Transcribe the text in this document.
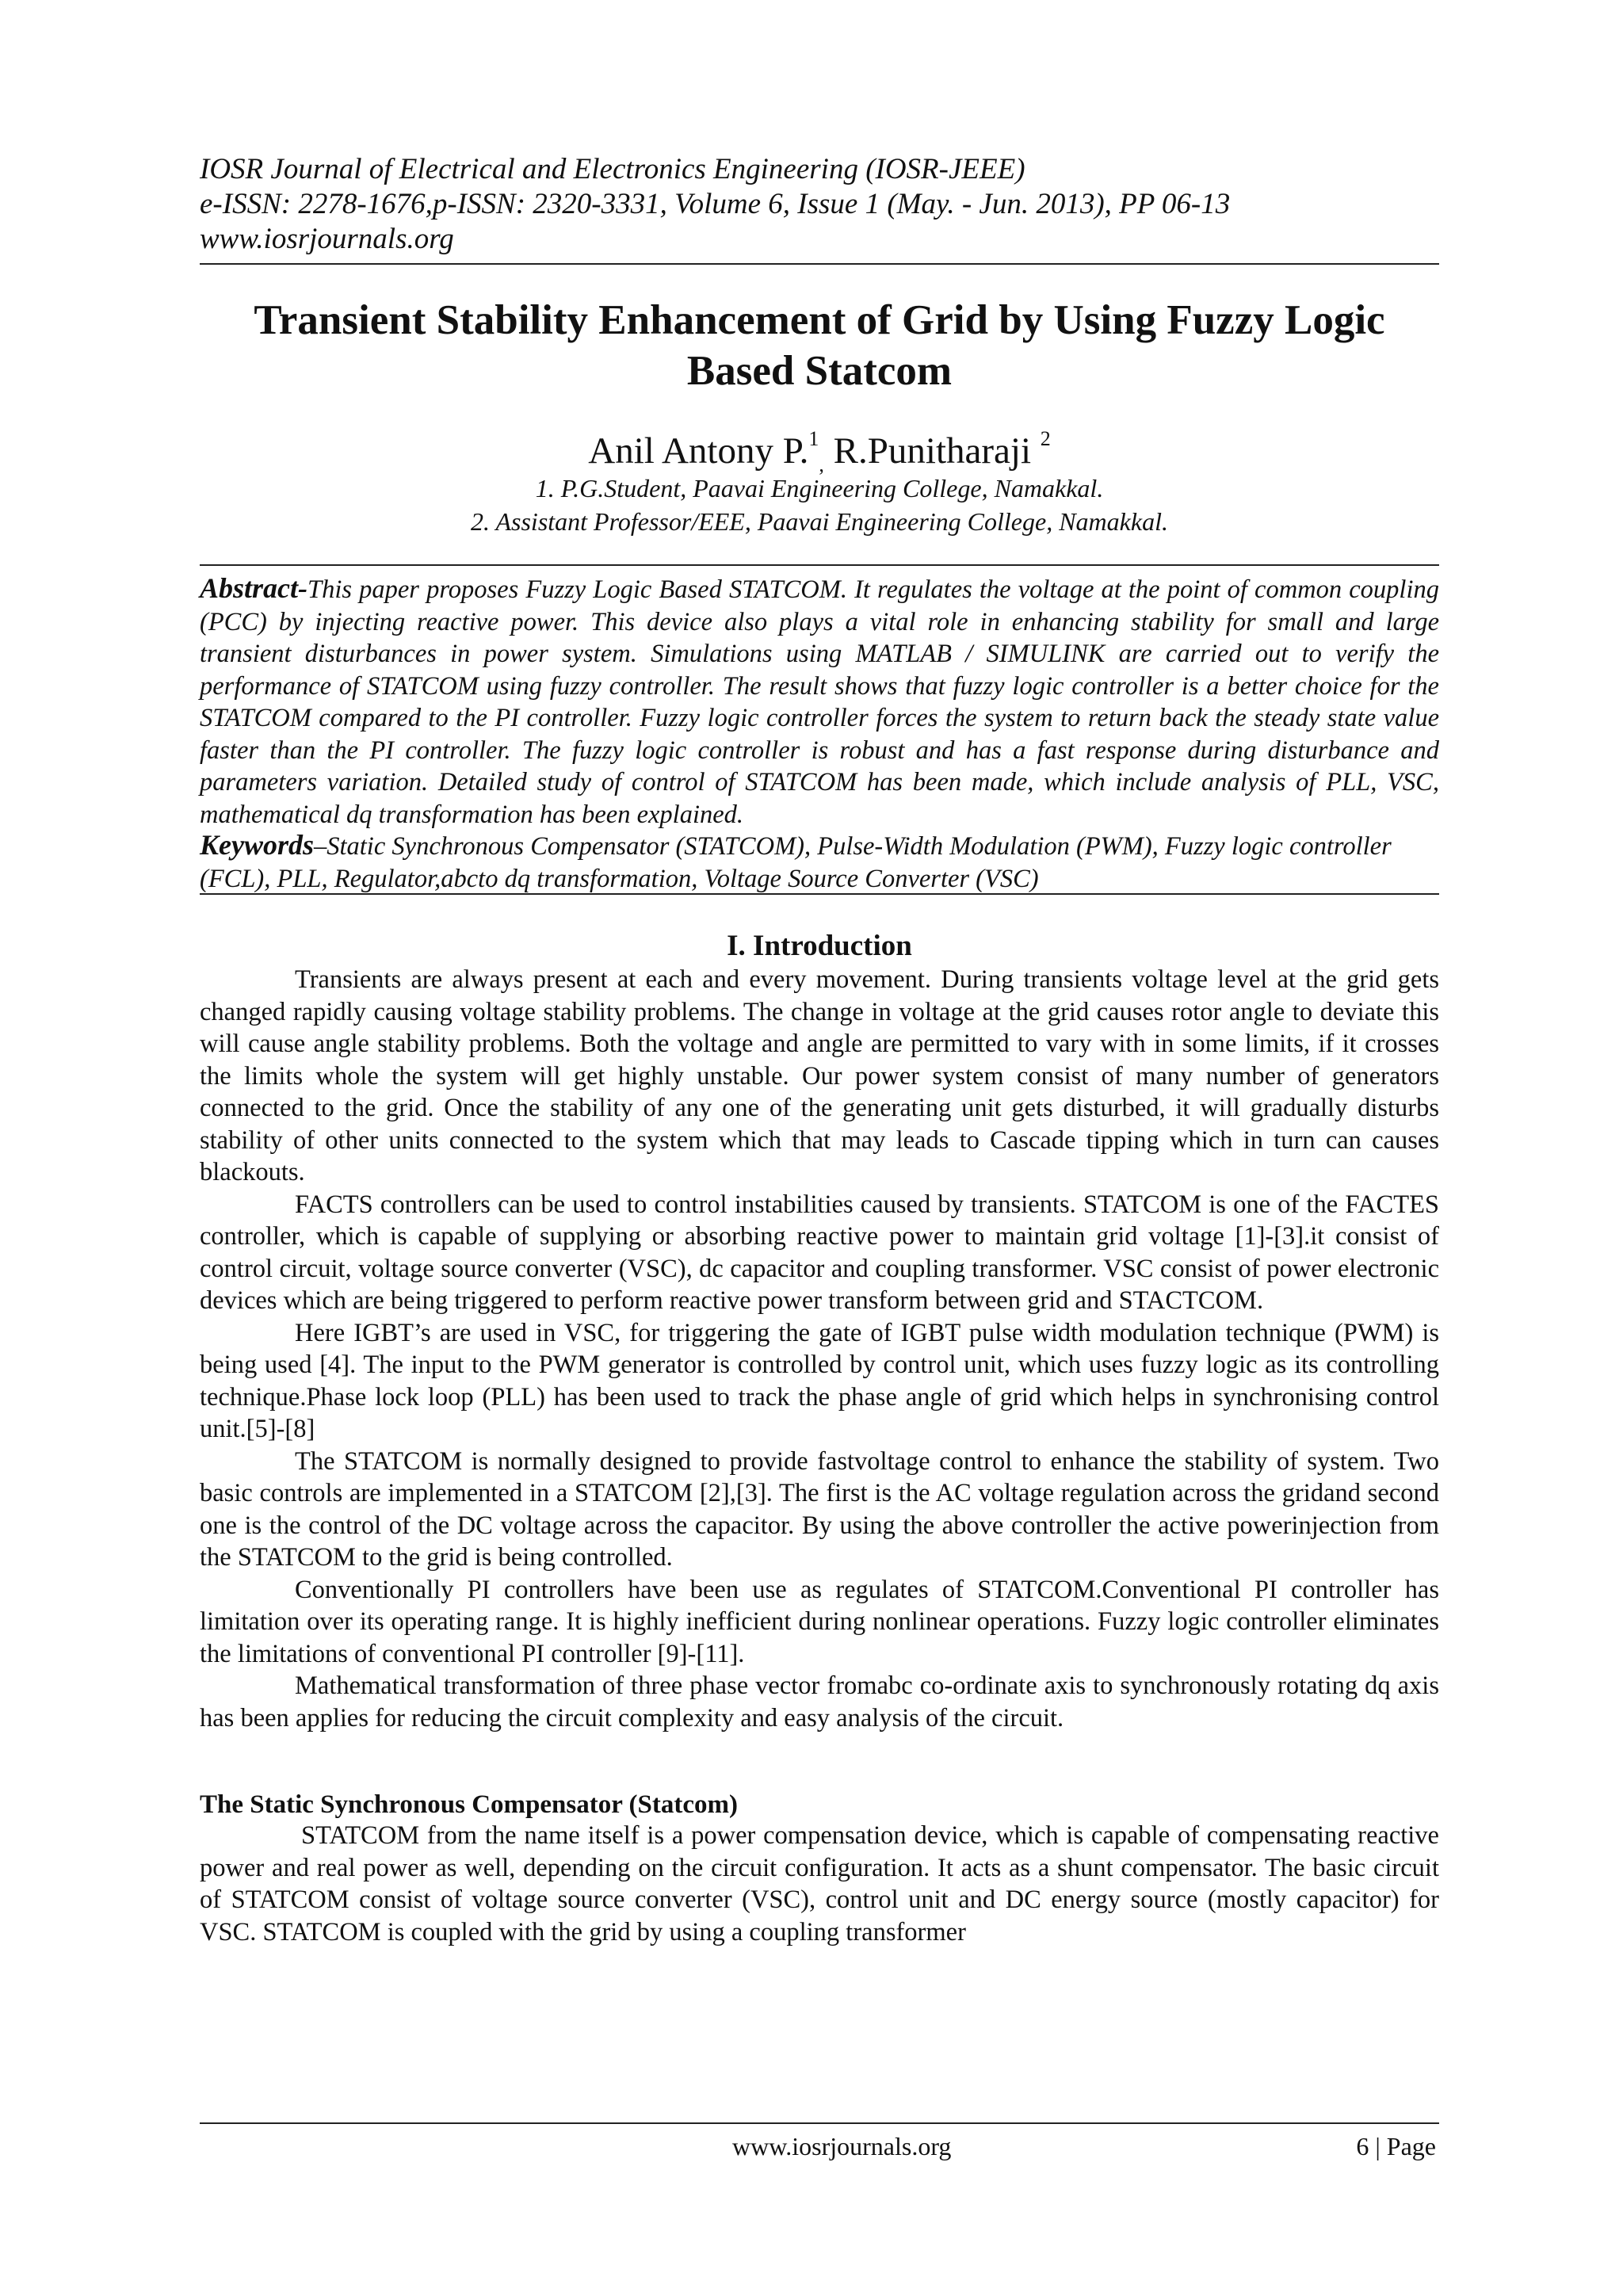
IOSR Journal of Electrical and Electronics Engineering (IOSR-JEEE)
e-ISSN: 2278-1676,p-ISSN: 2320-3331, Volume 6, Issue 1 (May. - Jun. 2013), PP 06-13
www.iosrjournals.org
Transient Stability Enhancement of Grid by Using Fuzzy Logic
Based Statcom
Anil Antony P.$^1_,$ R.Punitharaji $^2$
1. P.G.Student, Paavai Engineering College, Namakkal.
2. Assistant Professor/EEE, Paavai Engineering College, Namakkal.
Abstract-This paper proposes Fuzzy Logic Based STATCOM. It regulates the voltage at the point of common coupling (PCC) by injecting reactive power. This device also plays a vital role in enhancing stability for small and large transient disturbances in power system. Simulations using MATLAB / SIMULINK are carried out to verify the performance of STATCOM using fuzzy controller. The result shows that fuzzy logic controller is a better choice for the STATCOM compared to the PI controller. Fuzzy logic controller forces the system to return back the steady state value faster than the PI controller. The fuzzy logic controller is robust and has a fast response during disturbance and parameters variation. Detailed study of control of STATCOM has been made, which include analysis of PLL, VSC, mathematical dq transformation has been explained.
Keywords–Static Synchronous Compensator (STATCOM), Pulse-Width Modulation (PWM), Fuzzy logic controller (FCL), PLL, Regulator,abcto dq transformation, Voltage Source Converter (VSC)
I. Introduction

Transients are always present at each and every movement. During transients voltage level at the grid gets changed rapidly causing voltage stability problems. The change in voltage at the grid causes rotor angle to deviate this will cause angle stability problems. Both the voltage and angle are permitted to vary with in some limits, if it crosses the limits whole the system will get highly unstable. Our power system consist of many number of generators connected to the grid. Once the stability of any one of the generating unit gets disturbed, it will gradually disturbs stability of other units connected to the system which that may leads to Cascade tipping which in turn can causes blackouts.

FACTS controllers can be used to control instabilities caused by transients. STATCOM is one of the FACTES controller, which is capable of supplying or absorbing reactive power to maintain grid voltage [1]-[3].it consist of control circuit, voltage source converter (VSC), dc capacitor and coupling transformer. VSC consist of power electronic devices which are being triggered to perform reactive power transform between grid and STACTCOM.

Here IGBT’s are used in VSC, for triggering the gate of IGBT pulse width modulation technique (PWM) is being used [4]. The input to the PWM generator is controlled by control unit, which uses fuzzy logic as its controlling technique.Phase lock loop (PLL) has been used to track the phase angle of grid which helps in synchronising control unit.[5]-[8]

The STATCOM is normally designed to provide fastvoltage control to enhance the stability of system. Two basic controls are implemented in a STATCOM [2],[3]. The first is the AC voltage regulation across the gridand second one is the control of the DC voltage across the capacitor. By using the above controller the active powerinjection from the STATCOM to the grid is being controlled.

Conventionally PI controllers have been use as regulates of STATCOM.Conventional PI controller has limitation over its operating range. It is highly inefficient during nonlinear operations. Fuzzy logic controller eliminates the limitations of conventional PI controller [9]-[11].

Mathematical transformation of three phase vector fromabc co-ordinate axis to synchronously rotating dq axis has been applies for reducing the circuit complexity and easy analysis of the circuit.

The Static Synchronous Compensator (Statcom)

STATCOM from the name itself is a power compensation device, which is capable of compensating reactive power and real power as well, depending on the circuit configuration. It acts as a shunt compensator. The basic circuit of STATCOM consist of voltage source converter (VSC), control unit and DC energy source (mostly capacitor) for VSC. STATCOM is coupled with the grid by using a coupling transformer

www.iosrjournals.org	6 | Page
